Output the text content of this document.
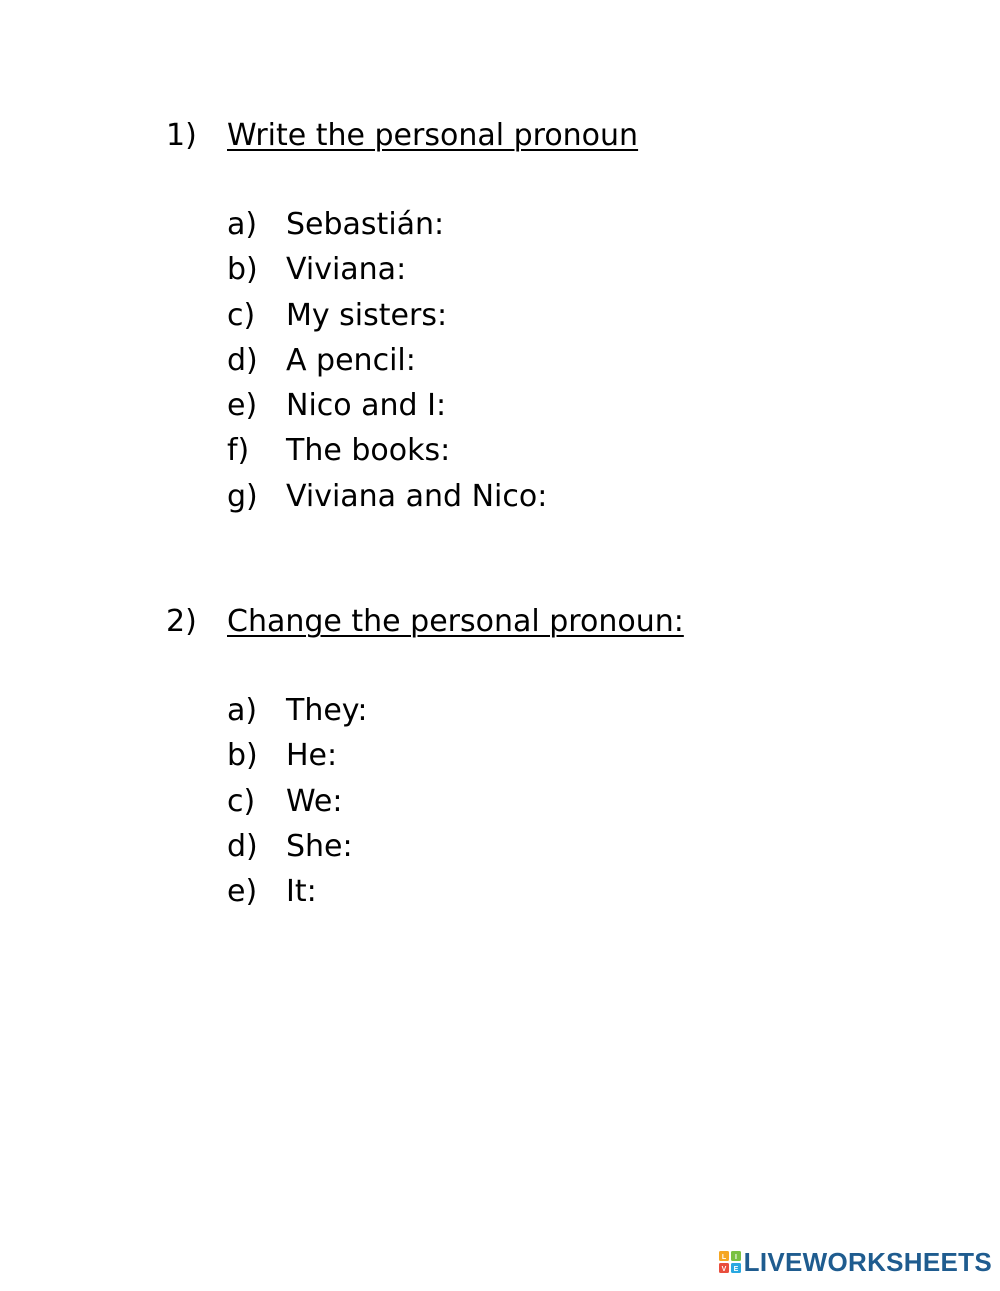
1)	Write the personal pronoun
a) Sebastián:
b) Viviana:
c)	My sisters:
d) A pencil:
e) Nico and I:
f)	The books:
g) Viviana and Nico:
2)	Change the personal pronoun:
a) They:
b) He:
c)	We:
d) She:
e) It:
L I
V E LIVEWORKSHEETS
